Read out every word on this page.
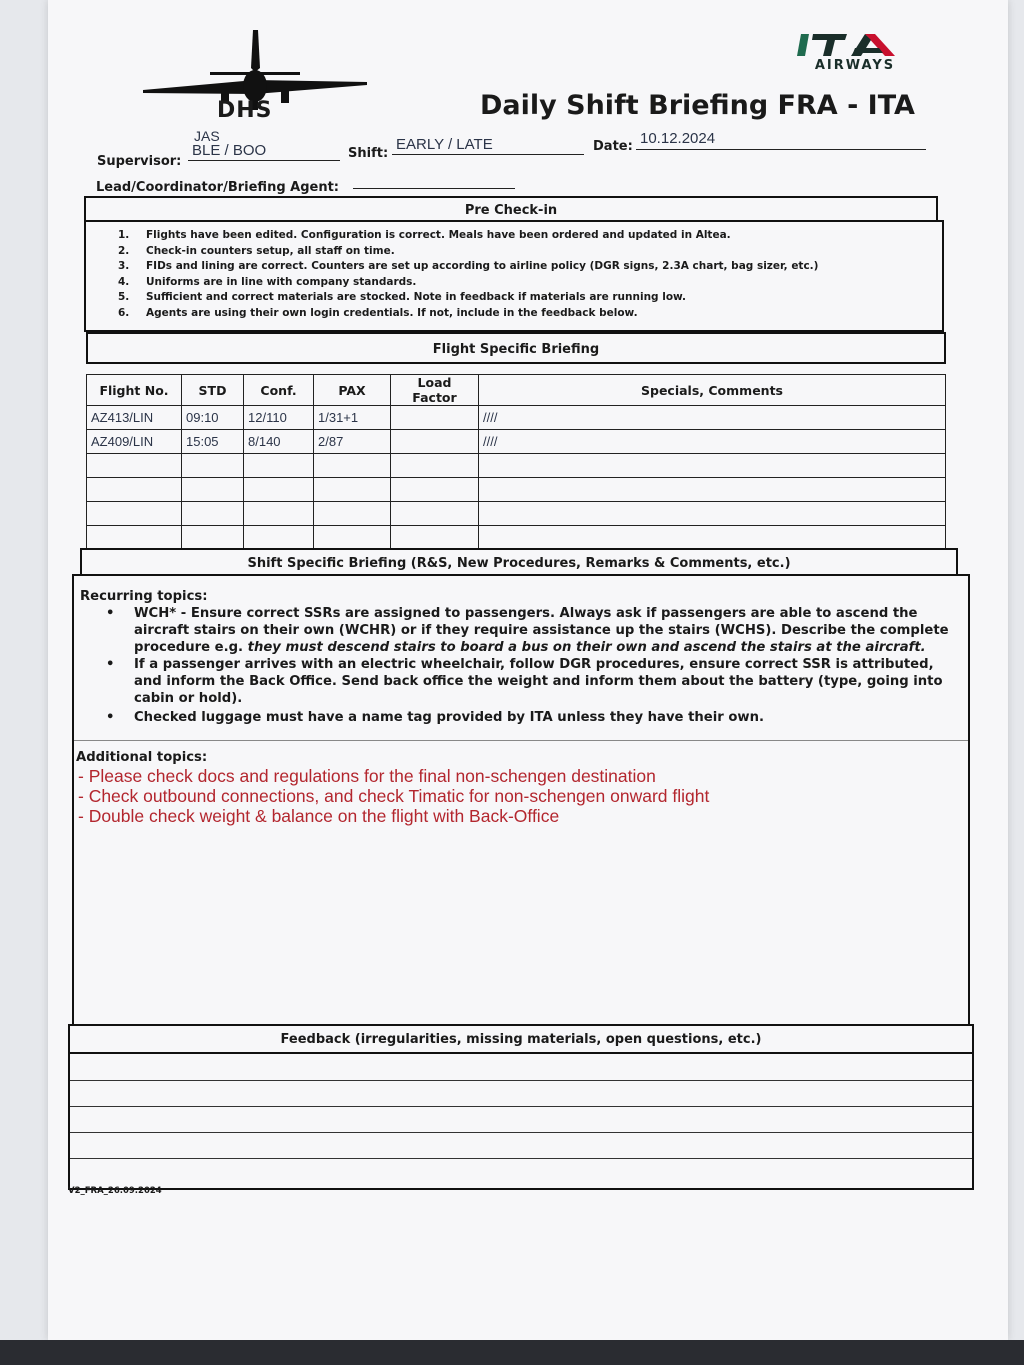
DHS
AIRWAYS
Daily Shift Briefing FRA - ITA
Supervisor:
JAS
BLE / BOO	Shift:
EARLY / LATE	Date: 10.12.2024
Lead/Coordinator/Briefing Agent:
Pre Check-in
1.	Flights have been edited. Configuration is correct. Meals have been ordered and updated in Altea.
2.	Check-in counters setup, all staff on time.
3.	FIDs and lining are correct. Counters are set up according to airline policy (DGR signs, 2.3A chart, bag sizer, etc.)
4.	Uniforms are in line with company standards.
5.	Sufficient and correct materials are stocked. Note in feedback if materials are running low.
6.	Agents are using their own login credentials. If not, include in the feedback below.
Flight Specific Briefing
Flight No.	STD	Conf.	PAX	Load Factor	Specials, Comments
AZ413/LIN	09:10	12/110	1/31+1		////
AZ409/LIN	15:05	8/140	2/87		////

Shift Specific Briefing (R&S, New Procedures, Remarks & Comments, etc.)
Recurring topics:
• WCH* - Ensure correct SSRs are assigned to passengers. Always ask if passengers are able to ascend the aircraft stairs on their own (WCHR) or if they require assistance up the stairs (WCHS). Describe the complete procedure e.g. they must descend stairs to board a bus on their own and ascend the stairs at the aircraft.
• If a passenger arrives with an electric wheelchair, follow DGR procedures, ensure correct SSR is attributed, and inform the Back Office. Send back office the weight and inform them about the battery (type, going into cabin or hold).
• Checked luggage must have a name tag provided by ITA unless they have their own.
Additional topics:
- Please check docs and regulations for the final non-schengen destination
- Check outbound connections, and check Timatic for non-schengen onward flight
- Double check weight & balance on the flight with Back-Office
Feedback (irregularities, missing materials, open questions, etc.)
V2_FRA_26.09.2024
